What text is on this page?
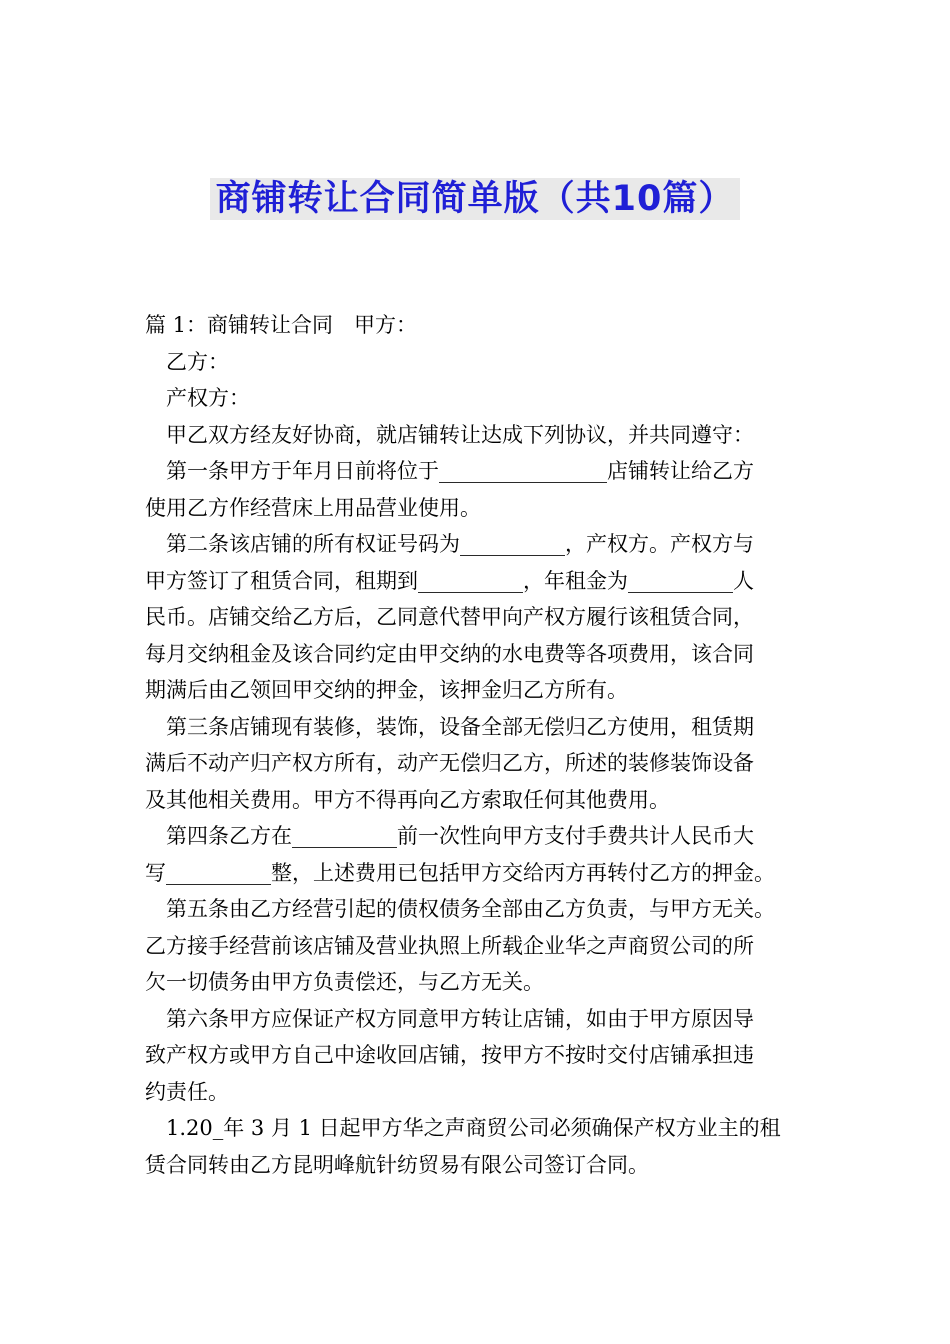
商铺转让合同简单版（共10篇）

篇 1：商铺转让合同　甲方：

　乙方：

　产权方：

　甲乙双方经友好协商，就店铺转让达成下列协议，并共同遵守：

　第一条甲方于年月日前将位于________________店铺转让给乙方

使用乙方作经营床上用品营业使用。

　第二条该店铺的所有权证号码为__________，产权方。产权方与

甲方签订了租赁合同，租期到__________，年租金为__________人

民币。店铺交给乙方后，乙同意代替甲向产权方履行该租赁合同，

每月交纳租金及该合同约定由甲交纳的水电费等各项费用，该合同

期满后由乙领回甲交纳的押金，该押金归乙方所有。

　第三条店铺现有装修，装饰，设备全部无偿归乙方使用，租赁期

满后不动产归产权方所有，动产无偿归乙方，所述的装修装饰设备

及其他相关费用。甲方不得再向乙方索取任何其他费用。

　第四条乙方在__________前一次性向甲方支付手费共计人民币大

写__________整，上述费用已包括甲方交给丙方再转付乙方的押金。

　第五条由乙方经营引起的债权债务全部由乙方负责，与甲方无关。

乙方接手经营前该店铺及营业执照上所载企业华之声商贸公司的所

欠一切债务由甲方负责偿还，与乙方无关。

　第六条甲方应保证产权方同意甲方转让店铺，如由于甲方原因导

致产权方或甲方自己中途收回店铺，按甲方不按时交付店铺承担违

约责任。

　1.20_年 3 月 1 日起甲方华之声商贸公司必须确保产权方业主的租

赁合同转由乙方昆明峰航针纺贸易有限公司签订合同。
